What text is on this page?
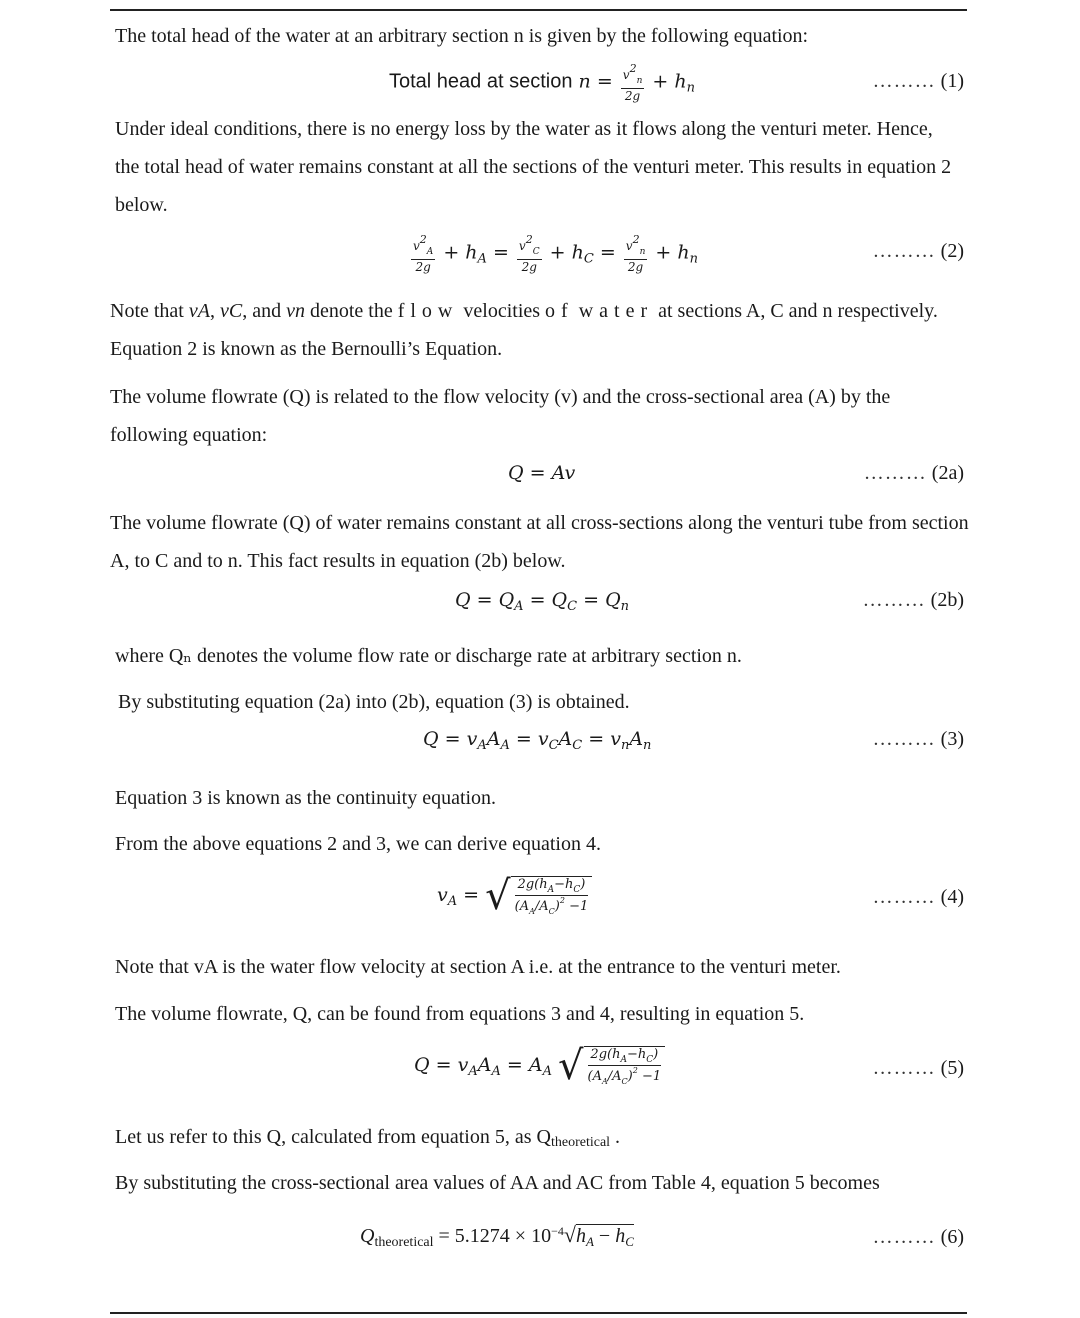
The total head of the water at an arbitrary section n is given by the following equation:
Total head at section $n = \frac{v2_n}{2g} + h_n$	……… (1)
Under ideal conditions, there is no energy loss by the water as it flows along the venturi meter. Hence, the total head of water remains constant at all the sections of the venturi meter. This results in equation 2 below.
$\frac{v2_A}{2g} + h_A = \frac{v2_C}{2g} + h_C = \frac{v2_n}{2g} + h_n$	……… (2)
Note that vA, vC, and vn denote the flow velocities of water at sections A, C and n respectively. Equation 2 is known as the Bernoulli’s Equation.
The volume flowrate (Q) is related to the flow velocity (v) and the cross-sectional area (A) by the following equation:
Q = Av	……… (2a)
The volume flowrate (Q) of water remains constant at all cross-sections along the venturi tube from section A, to C and to n. This fact results in equation (2b) below.
$Q = Q_A = Q_C = Q_n$	……… (2b)
where Qₙ denotes the volume flow rate or discharge rate at arbitrary section n.
By substituting equation (2a) into (2b), equation (3) is obtained.
$Q = v_AA_A = v_CA_C = v_nA_n$	……… (3)
Equation 3 is known as the continuity equation.
From the above equations 2 and 3, we can derive equation 4.
$v_A$ = √ $\frac{2g(h_A-h_C)}{(A_A/A_C)^2 -1}$	……… (4)
Note that vA is the water flow velocity at section A i.e. at the entrance to the venturi meter.
The volume flowrate, Q, can be found from equations 3 and 4, resulting in equation 5.
$Q = v_AA_A = A_A$ √ $\frac{2g(h_A-h_C)}{(A_A/A_C)^2 -1}$	……… (5)
Let us refer to this Q, calculated from equation 5, as Qtheoretical .
By substituting the cross-sectional area values of AA and AC from Table 4, equation 5 becomes
$Q_{theoretical} = 5.1274 \times 10^{-4}√h_A - h_C$	……… (6)
